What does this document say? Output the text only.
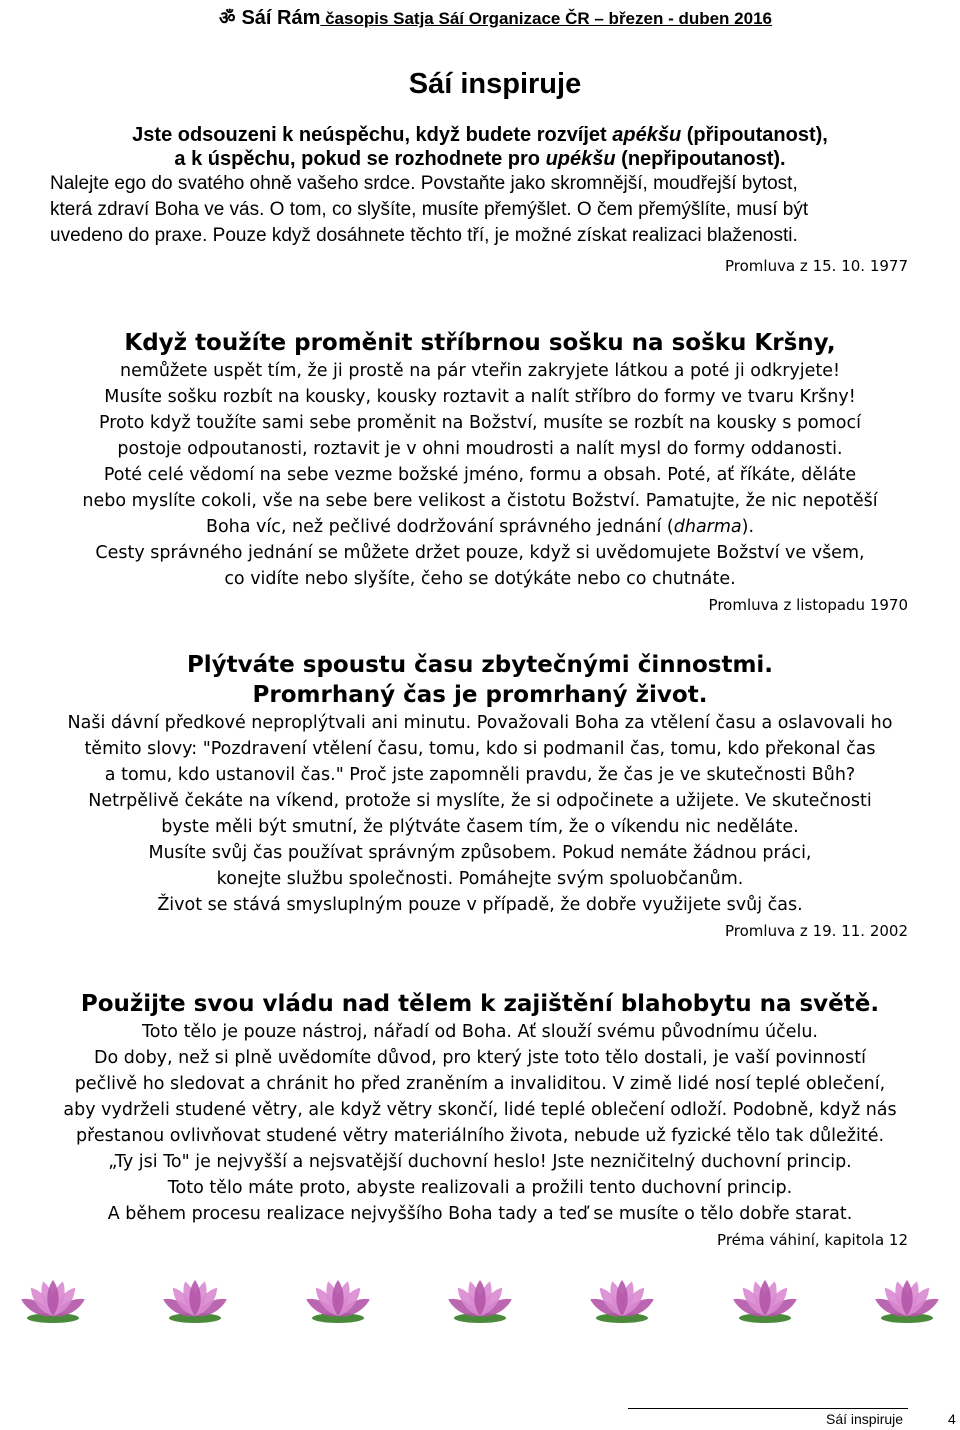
ॐ Sáí Rám časopis Satja Sáí Organizace ČR – březen - duben 2016
Sáí inspiruje
Jste odsouzeni k neúspěchu, když budete rozvíjet apékšu (připoutanost),
a k úspěchu, pokud se rozhodnete pro upékšu (nepřipoutanost).
Nalejte ego do svatého ohně vašeho srdce. Povstaňte jako skromnější, moudřejší bytost,
která zdraví Boha ve vás. O tom, co slyšíte, musíte přemýšlet. O čem přemýšlíte, musí být
uvedeno do praxe. Pouze když dosáhnete těchto tří, je možné získat realizaci blaženosti.
Promluva z 15. 10. 1977
Když toužíte proměnit stříbrnou sošku na sošku Kršny,
nemůžete uspět tím, že ji prostě na pár vteřin zakryjete látkou a poté ji odkryjete!
Musíte sošku rozbít na kousky, kousky roztavit a nalít stříbro do formy ve tvaru Kršny!
Proto když toužíte sami sebe proměnit na Božství, musíte se rozbít na kousky s pomocí
postoje odpoutanosti, roztavit je v ohni moudrosti a nalít mysl do formy oddanosti.
Poté celé vědomí na sebe vezme božské jméno, formu a obsah. Poté, ať říkáte, děláte
nebo myslíte cokoli, vše na sebe bere velikost a čistotu Božství. Pamatujte, že nic nepotěší
Boha víc, než pečlivé dodržování správného jednání (dharma).
Cesty správného jednání se můžete držet pouze, když si uvědomujete Božství ve všem,
co vidíte nebo slyšíte, čeho se dotýkáte nebo co chutnáte.
Promluva z listopadu 1970
Plýtváte spoustu času zbytečnými činnostmi.
Promrhaný čas je promrhaný život.
Naši dávní předkové neproplýtvali ani minutu. Považovali Boha za vtělení času a oslavovali ho
těmito slovy: "Pozdravení vtělení času, tomu, kdo si podmanil čas, tomu, kdo překonal čas
a tomu, kdo ustanovil čas." Proč jste zapomněli pravdu, že čas je ve skutečnosti Bůh?
Netrpělivě čekáte na víkend, protože si myslíte, že si odpočinete a užijete. Ve skutečnosti
byste měli být smutní, že plýtváte časem tím, že o víkendu nic neděláte.
Musíte svůj čas používat správným způsobem. Pokud nemáte žádnou práci,
konejte službu společnosti. Pomáhejte svým spoluobčanům.
Život se stává smysluplným pouze v případě, že dobře využijete svůj čas.
Promluva z 19. 11. 2002
Použijte svou vládu nad tělem k zajištění blahobytu na světě.
Toto tělo je pouze nástroj, nářadí od Boha. Ať slouží svému původnímu účelu.
Do doby, než si plně uvědomíte důvod, pro který jste toto tělo dostali, je vaší povinností
pečlivě ho sledovat a chránit ho před zraněním a invaliditou. V zimě lidé nosí teplé oblečení,
aby vydrželi studené větry, ale když větry skončí, lidé teplé oblečení odloží. Podobně, když nás
přestanou ovlivňovat studené větry materiálního života, nebude už fyzické tělo tak důležité.
„Ty jsi To" je nejvyšší a nejsvatější duchovní heslo! Jste nezničitelný duchovní princip.
Toto tělo máte proto, abyste realizovali a prožili tento duchovní princip.
A během procesu realizace nejvyššího Boha tady a teď se musíte o tělo dobře starat.
Préma váhiní, kapitola 12
Sáí inspiruje	4
